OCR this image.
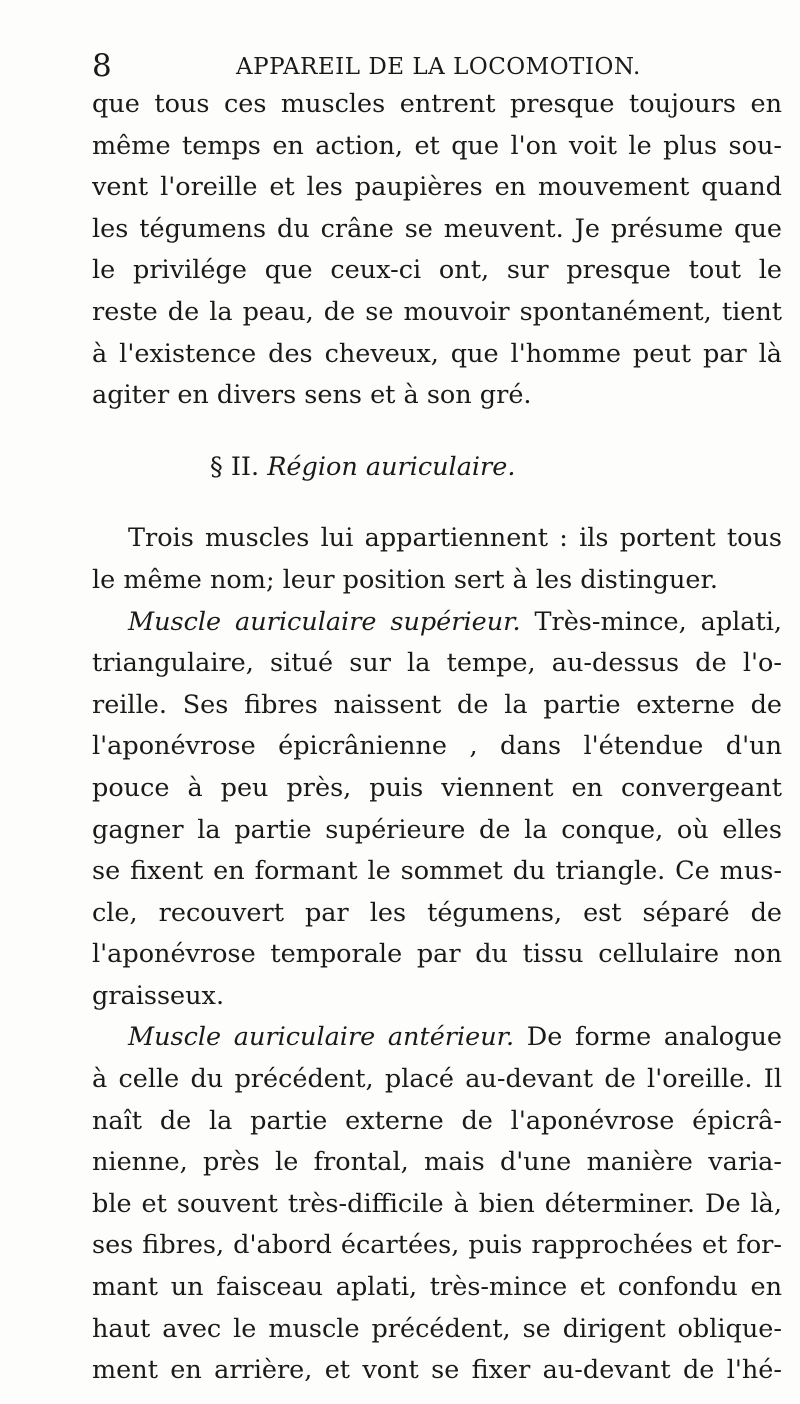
8	APPAREIL DE LA LOCOMOTION.
que tous ces muscles entrent presque toujours en
même temps en action, et que l'on voit le plus sou-
vent l'oreille et les paupières en mouvement quand
les tégumens du crâne se meuvent. Je présume que
le privilége que ceux-ci ont, sur presque tout le
reste de la peau, de se mouvoir spontanément, tient
à l'existence des cheveux, que l'homme peut par là
agiter en divers sens et à son gré.
§ II. Région auriculaire.
Trois muscles lui appartiennent : ils portent tous
le même nom; leur position sert à les distinguer.
Muscle auriculaire supérieur. Très-mince, aplati,
triangulaire, situé sur la tempe, au-dessus de l'o-
reille. Ses fibres naissent de la partie externe de
l'aponévrose épicrânienne , dans l'étendue d'un
pouce à peu près, puis viennent en convergeant
gagner la partie supérieure de la conque, où elles
se fixent en formant le sommet du triangle. Ce mus-
cle, recouvert par les tégumens, est séparé de
l'aponévrose temporale par du tissu cellulaire non
graisseux.
Muscle auriculaire antérieur. De forme analogue
à celle du précédent, placé au-devant de l'oreille. Il
naît de la partie externe de l'aponévrose épicrâ-
nienne, près le frontal, mais d'une manière varia-
ble et souvent très-difficile à bien déterminer. De là,
ses fibres, d'abord écartées, puis rapprochées et for-
mant un faisceau aplati, très-mince et confondu en
haut avec le muscle précédent, se dirigent oblique-
ment en arrière, et vont se fixer au-devant de l'hé-
